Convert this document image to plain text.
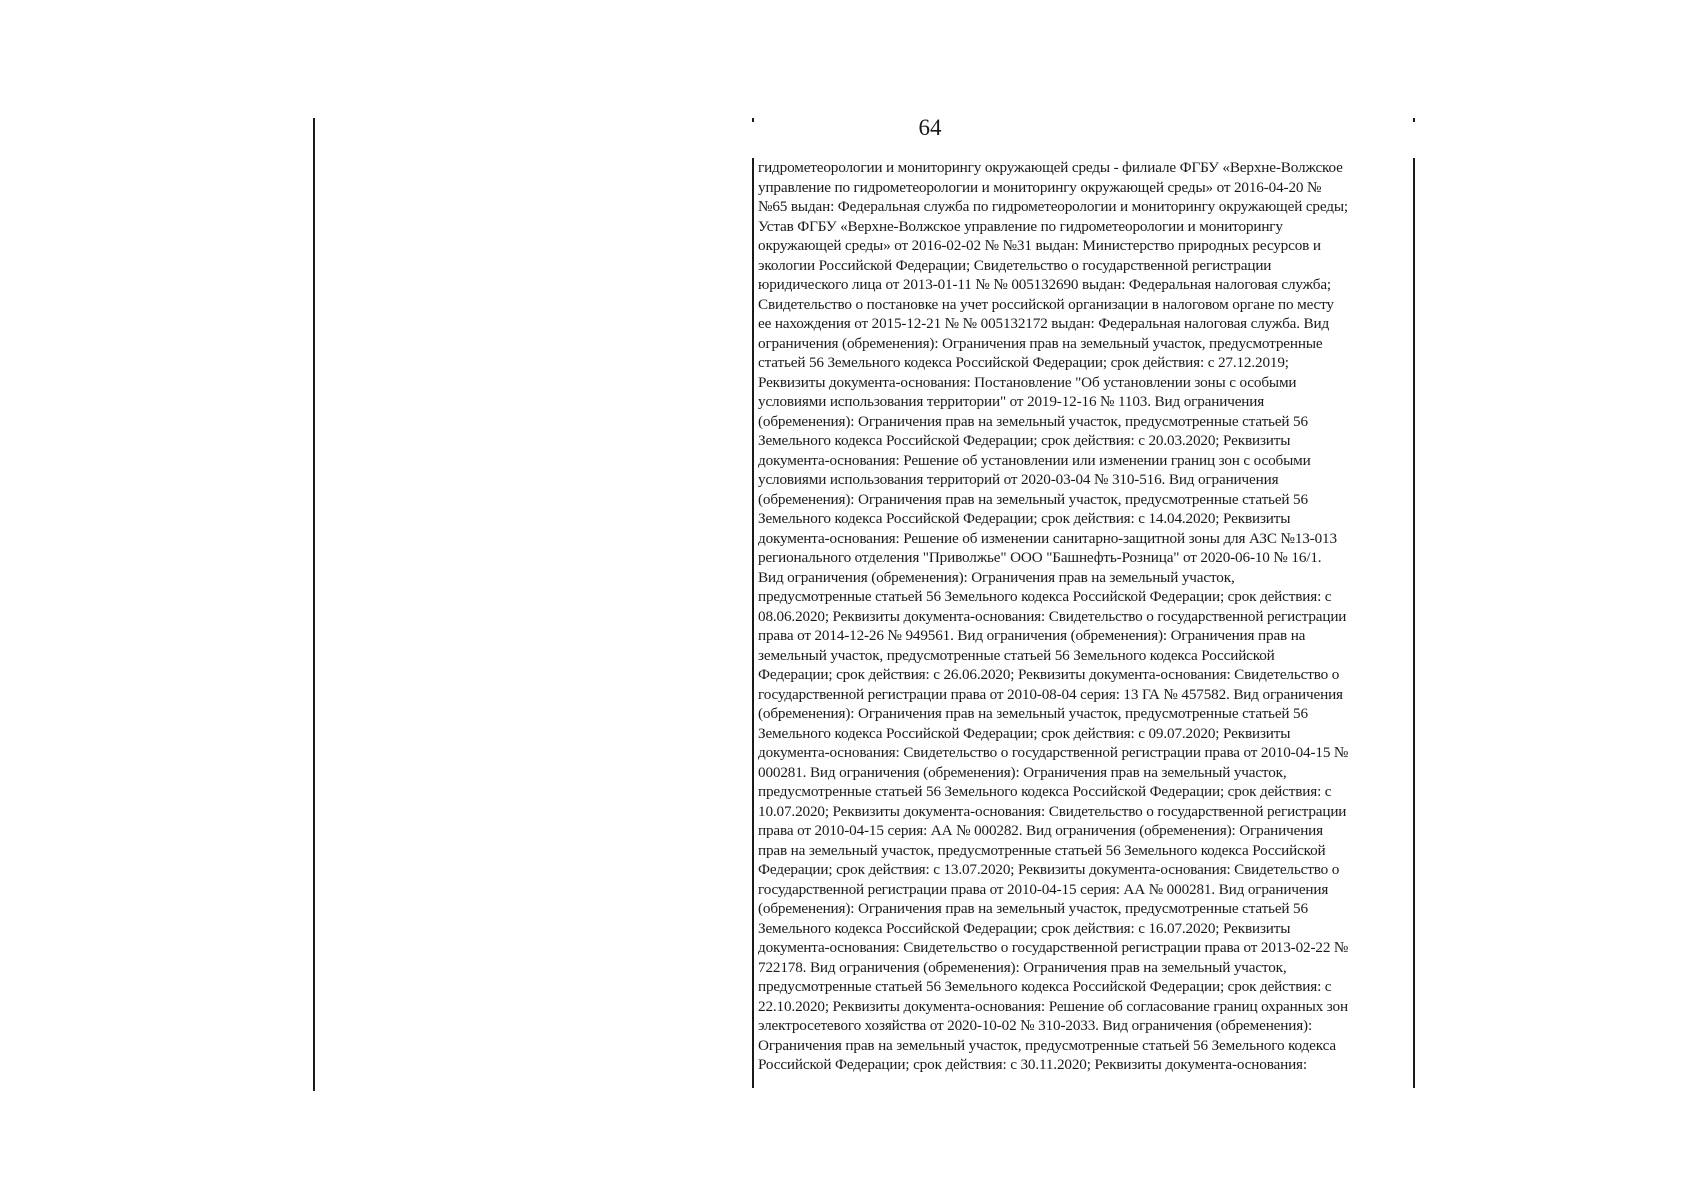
64
гидрометеорологии и мониторингу окружающей среды - филиале ФГБУ «Верхне-Волжское
управление по гидрометеорологии и мониторингу окружающей среды» от 2016-04-20 №
№65 выдан: Федеральная служба по гидрометеорологии и мониторингу окружающей среды;
Устав ФГБУ «Верхне-Волжское управление по гидрометеорологии и мониторингу
окружающей среды» от 2016-02-02 № №31 выдан: Министерство природных ресурсов и
экологии Российской Федерации; Свидетельство о государственной регистрации
юридического лица от 2013-01-11 № № 005132690 выдан: Федеральная налоговая служба;
Свидетельство о постановке на учет российской организации в налоговом органе по месту
ее нахождения от 2015-12-21 № № 005132172 выдан: Федеральная налоговая служба. Вид
ограничения (обременения): Ограничения прав на земельный участок, предусмотренные
статьей 56 Земельного кодекса Российской Федерации; срок действия: с 27.12.2019;
Реквизиты документа-основания: Постановление "Об установлении зоны с особыми
условиями использования территории" от 2019-12-16 № 1103. Вид ограничения
(обременения): Ограничения прав на земельный участок, предусмотренные статьей 56
Земельного кодекса Российской Федерации; срок действия: с 20.03.2020; Реквизиты
документа-основания: Решение об установлении или изменении границ зон с особыми
условиями использования территорий от 2020-03-04 № 310-516. Вид ограничения
(обременения): Ограничения прав на земельный участок, предусмотренные статьей 56
Земельного кодекса Российской Федерации; срок действия: с 14.04.2020; Реквизиты
документа-основания: Решение об изменении санитарно-защитной зоны для АЗС №13-013
регионального отделения "Приволжье" ООО "Башнефть-Розница" от 2020-06-10 № 16/1.
Вид ограничения (обременения): Ограничения прав на земельный участок,
предусмотренные статьей 56 Земельного кодекса Российской Федерации; срок действия: с
08.06.2020; Реквизиты документа-основания: Свидетельство о государственной регистрации
права от 2014-12-26 № 949561. Вид ограничения (обременения): Ограничения прав на
земельный участок, предусмотренные статьей 56 Земельного кодекса Российской
Федерации; срок действия: с 26.06.2020; Реквизиты документа-основания: Свидетельство о
государственной регистрации права от 2010-08-04 серия: 13 ГА № 457582. Вид ограничения
(обременения): Ограничения прав на земельный участок, предусмотренные статьей 56
Земельного кодекса Российской Федерации; срок действия: с 09.07.2020; Реквизиты
документа-основания: Свидетельство о государственной регистрации права от 2010-04-15 №
000281. Вид ограничения (обременения): Ограничения прав на земельный участок,
предусмотренные статьей 56 Земельного кодекса Российской Федерации; срок действия: с
10.07.2020; Реквизиты документа-основания: Свидетельство о государственной регистрации
права от 2010-04-15 серия: АА № 000282. Вид ограничения (обременения): Ограничения
прав на земельный участок, предусмотренные статьей 56 Земельного кодекса Российской
Федерации; срок действия: с 13.07.2020; Реквизиты документа-основания: Свидетельство о
государственной регистрации права от 2010-04-15 серия: АА № 000281. Вид ограничения
(обременения): Ограничения прав на земельный участок, предусмотренные статьей 56
Земельного кодекса Российской Федерации; срок действия: с 16.07.2020; Реквизиты
документа-основания: Свидетельство о государственной регистрации права от 2013-02-22 №
722178. Вид ограничения (обременения): Ограничения прав на земельный участок,
предусмотренные статьей 56 Земельного кодекса Российской Федерации; срок действия: с
22.10.2020; Реквизиты документа-основания: Решение об согласование границ охранных зон
электросетевого хозяйства от 2020-10-02 № 310-2033. Вид ограничения (обременения):
Ограничения прав на земельный участок, предусмотренные статьей 56 Земельного кодекса
Российской Федерации; срок действия: с 30.11.2020; Реквизиты документа-основания:
